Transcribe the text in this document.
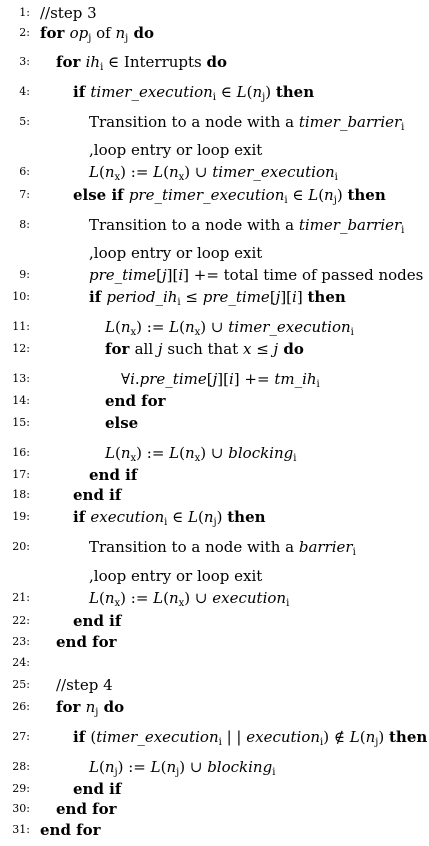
1: //step 3
2: for $op_j$ of $n_j$ do
3: for $ih_i$ ∈ Interrupts do
4:	if timer_execution$_i$ ∈ $L(n_j)$ then
5:	Transition to a node with a timer_barrier$_i$
,loop entry or loop exit
6:	$L(n_x)$ := $L(n_x)$ ∪ timer_execution$_i$
7:	else if pre_timer_execution$_i$ ∈ $L(n_j)$ then
8:	Transition to a node with a timer_barrier$_i$
,loop entry or loop exit
9:	pre_time[j][i] += total time of passed nodes
10:	if $period\_ih_i$ ≤ pre_time[j][i] then
11:	$L(n_x)$ := $L(n_x)$ ∪ timer_execution$_i$
12:	for all j such that x ≤ j do
13:	∀i.pre_time[j][i] += $tm\_ih_i$
14:	end for
15:	else
16:	$L(n_x)$ := $L(n_x)$ ∪ blocking$_i$
17:	end if
18:	end if
19:	if execution$_i$ ∈ $L(n_j)$ then
20:	Transition to a node with a barrier$_i$
,loop entry or loop exit
21:	$L(n_x)$ := $L(n_x)$ ∪ execution$_i$
22:	end if
23: end for
24:
25: //step 4
26: for $n_j$ do
27:	if (timer_execution$_i$ | | execution$_i$) ∉ $L(n_j)$ then
28:	$L(n_j)$ := $L(n_j)$ ∪ blocking$_i$
29:	end if
30: end for
31: end for
